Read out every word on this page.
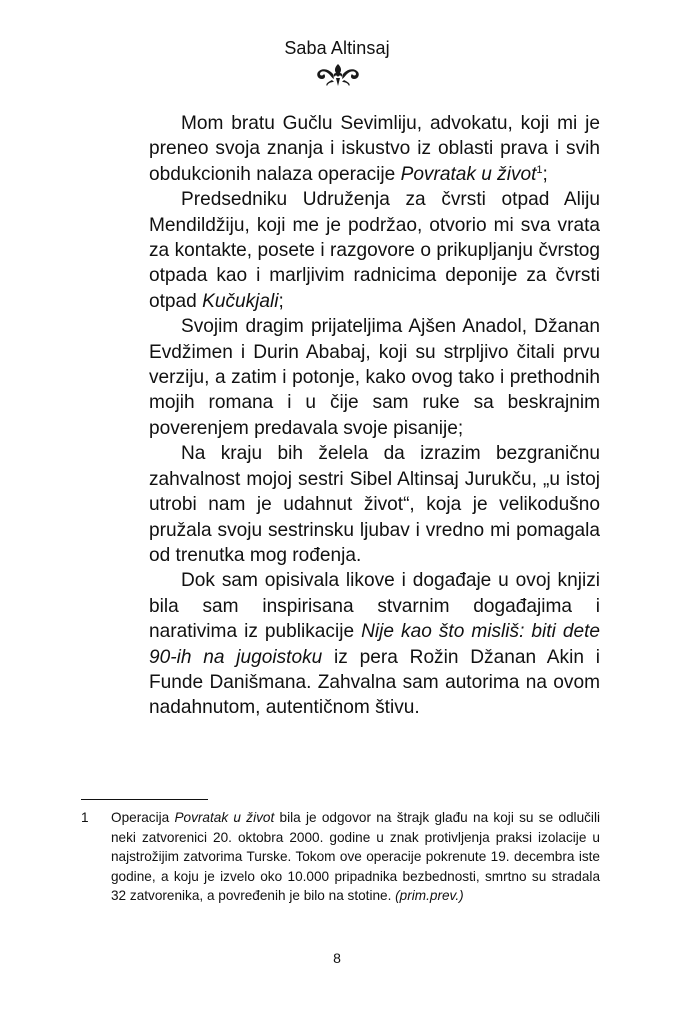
Saba Altinsaj

Mom bratu Gučlu Sevimliju, advokatu, koji mi je preneo svoja znanja i iskustvo iz oblasti prava i svih obdukcionih nalaza operacije Povratak u život$^1$;

Predsedniku Udruženja za čvrsti otpad Aliju Mendildžiju, koji me je podržao, otvorio mi sva vrata za kontakte, posete i razgovore o prikupljanju čvrstog otpada kao i marljivim radnicima deponije za čvrsti otpad Kučukjali;

Svojim dragim prijateljima Ajšen Anadol, Džanan Evdžimen i Durin Ababaj, koji su strpljivo čitali prvu verziju, a zatim i potonje, kako ovog tako i prethodnih mojih romana i u čije sam ruke sa beskrajnim poverenjem predavala svoje pisanije;

Na kraju bih želela da izrazim bezgraničnu zahvalnost mojoj sestri Sibel Altinsaj Jurukču, „u istoj utrobi nam je udahnut život“, koja je velikodušno pružala svoju sestrinsku ljubav i vredno mi pomagala od trenutka mog rođenja.

Dok sam opisivala likove i događaje u ovoj knjizi bila sam inspirisana stvarnim događajima i narativima iz publikacije Nije kao što misliš: biti dete 90-ih na jugoistoku iz pera Rožin Džanan Akin i Funde Danišmana. Zahvalna sam autorima na ovom nadahnutom, autentičnom štivu.

1 Operacija Povratak u život bila je odgovor na štrajk glađu na koji su se odlučili neki zatvorenici 20. oktobra 2000. godine u znak protivljenja praksi izolacije u najstrožijim zatvorima Turske. Tokom ove operacije pokrenute 19. decembra iste godine, a koju je izvelo oko 10.000 pripadnika bezbednosti, smrtno su stradala 32 zatvorenika, a povređenih je bilo na stotine. (prim.prev.)
8
